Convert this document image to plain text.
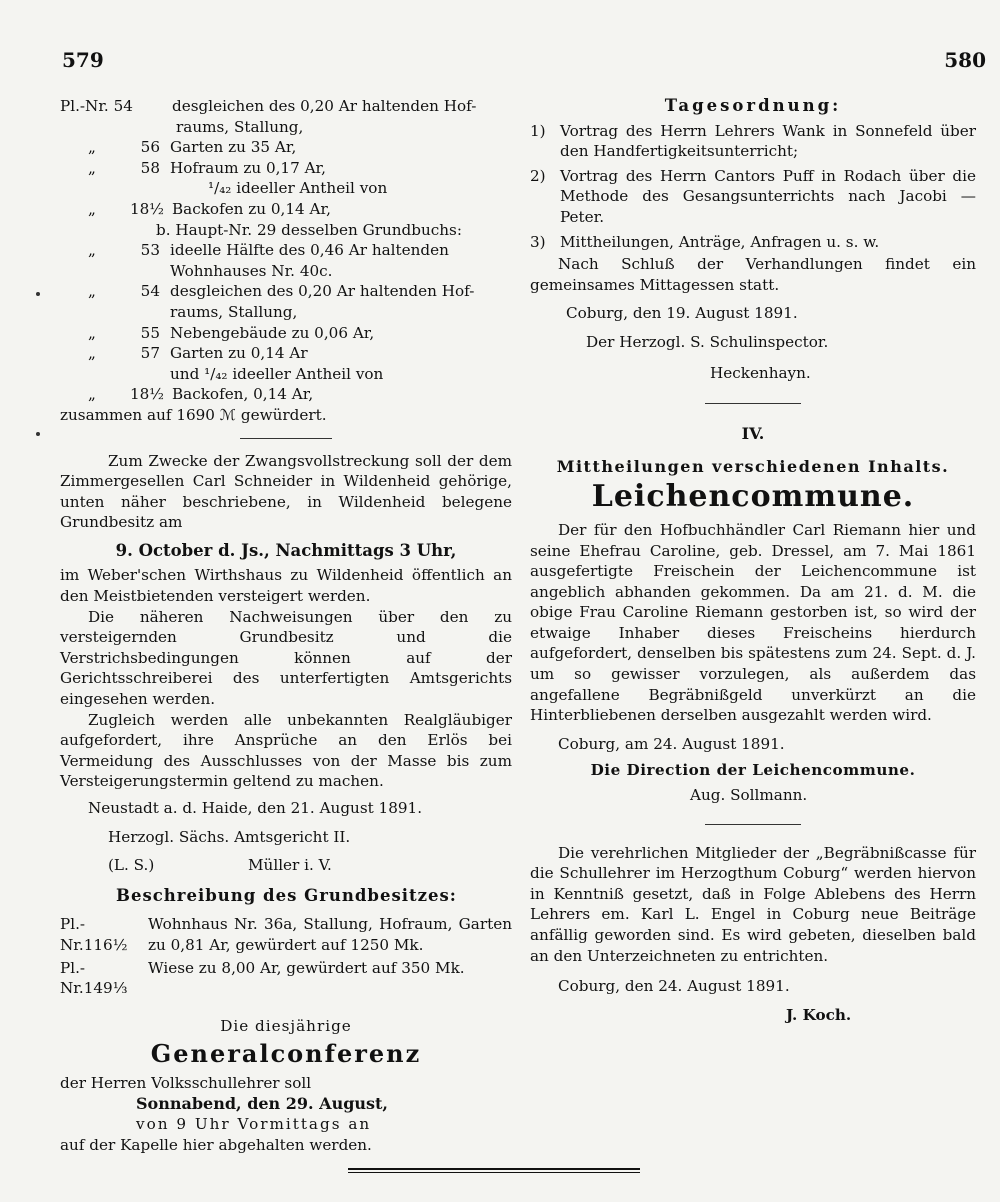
579	580
Pl.-Nr. 54	desgleichen des 0,20 Ar haltenden Hof-
raums, Stallung,
„	56 Garten zu 35 Ar,
„	58 Hofraum zu 0,17 Ar,
¹/₄₂ ideeller Antheil von
„	18½ Backofen zu 0,14 Ar,
b. Haupt-Nr. 29 desselben Grundbuchs:
„	53 ideelle Hälfte des 0,46 Ar haltenden
Wohnhauses Nr. 40c.
„	54 desgleichen des 0,20 Ar haltenden Hof-
raums, Stallung,
„	55 Nebengebäude zu 0,06 Ar,
„	57 Garten zu 0,14 Ar
und ¹/₄₂ ideeller Antheil von
„	18½ Backofen, 0,14 Ar,
zusammen auf 1690 ℳ gewürdert.

Zum Zwecke der Zwangsvollstreckung soll der dem Zimmergesellen Carl Schneider in Wildenheid gehörige, unten näher beschriebene, in Wildenheid belegene Grundbesitz am

9. October d. Js., Nachmittags 3 Uhr,

im Weber'schen Wirthshaus zu Wildenheid öffentlich an den Meistbietenden versteigert werden.

Die näheren Nachweisungen über den zu versteigernden Grundbesitz und die Verstrichsbedingungen können auf der Gerichtsschreiberei des unterfertigten Amtsgerichts eingesehen werden.

Zugleich werden alle unbekannten Realgläubiger aufgefordert, ihre Ansprüche an den Erlös bei Vermeidung des Ausschlusses von der Masse bis zum Versteigerungstermin geltend zu machen.

Neustadt a. d. Haide, den 21. August 1891.

Herzogl. Sächs. Amtsgericht II.

(L. S.)	Müller i. V.

Beschreibung des Grundbesitzes:

Pl.-Nr.116½
Wohnhaus Nr. 36a, Stallung, Hofraum, Garten zu 0,81 Ar, gewürdert auf 1250 Mk.
Pl.-Nr.149⅓
Wiese zu 8,00 Ar, gewürdert auf 350 Mk.

Die diesjährige

Generalconferenz

der Herren Volksschullehrer soll

Sonnabend, den 29. August,

von 9 Uhr Vormittags an

auf der Kapelle hier abgehalten werden.

Tagesordnung:
1) Vortrag des Herrn Lehrers Wank in Sonnefeld über den Handfertigkeitsunterricht;
2) Vortrag des Herrn Cantors Puff in Rodach über die Methode des Gesangsunterrichts nach Jacobi — Peter.
3) Mittheilungen, Anträge, Anfragen u. s. w.

Nach Schluß der Verhandlungen findet ein gemeinsames Mittagessen statt.

Coburg, den 19. August 1891.

Der Herzogl. S. Schulinspector.

Heckenhayn.

IV.
Mittheilungen verschiedenen Inhalts.
Leichencommune.

Der für den Hofbuchhändler Carl Riemann hier und seine Ehefrau Caroline, geb. Dressel, am 7. Mai 1861 ausgefertigte Freischein der Leichencommune ist angeblich abhanden gekommen. Da am 21. d. M. die obige Frau Caroline Riemann gestorben ist, so wird der etwaige Inhaber dieses Freischeins hierdurch aufgefordert, denselben bis spätestens zum 24. Sept. d. J. um so gewisser vorzulegen, als außerdem das angefallene Begräbnißgeld unverkürzt an die Hinterbliebenen derselben ausgezahlt werden wird.

Coburg, am 24. August 1891.

Die Direction der Leichencommune.

Aug. Sollmann.

Die verehrlichen Mitglieder der „Begräbnißcasse für die Schullehrer im Herzogthum Coburg“ werden hiervon in Kenntniß gesetzt, daß in Folge Ablebens des Herrn Lehrers em. Karl L. Engel in Coburg neue Beiträge anfällig geworden sind. Es wird gebeten, dieselben bald an den Unterzeichneten zu entrichten.

Coburg, den 24. August 1891.

J. Koch.
